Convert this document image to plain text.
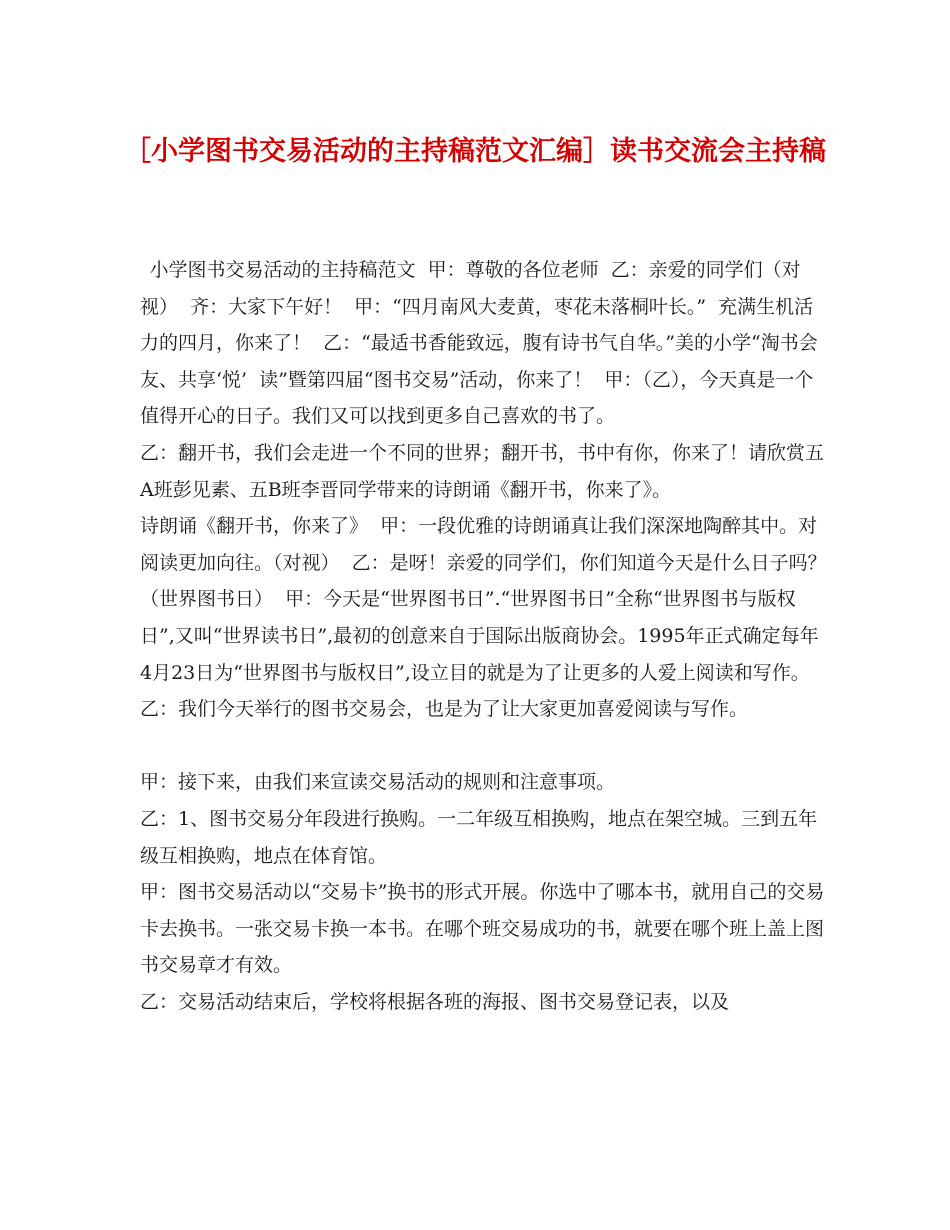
［小学图书交易活动的主持稿范文汇编］读书交流会主持稿

小学图书交易活动的主持稿范文  甲：尊敬的各位老师  乙：亲爱的同学们（对视）  齐：大家下午好！  甲：“四月南风大麦黄，枣花未落桐叶长。”  充满生机活力的四月，你来了！  乙：“最适书香能致远，腹有诗书气自华。”美的小学“淘书会友、共享‘悦’  读”暨第四届“图书交易”活动，你来了！  甲：（乙），今天真是一个值得开心的日子。我们又可以找到更多自己喜欢的书了。

乙：翻开书，我们会走进一个不同的世界；翻开书，书中有你，你来了！请欣赏五A班彭见素、五B班李晋同学带来的诗朗诵《翻开书，你来了》。

诗朗诵《翻开书，你来了》  甲：一段优雅的诗朗诵真让我们深深地陶醉其中。对阅读更加向往。（对视）  乙：是呀！亲爱的同学们，你们知道今天是什么日子吗？（世界图书日）  甲：今天是“世界图书日”.“世界图书日”全称“世界图书与版权日”,又叫“世界读书日”,最初的创意来自于国际出版商协会。1995年正式确定每年4月23日为“世界图书与版权日”,设立目的就是为了让更多的人爱上阅读和写作。

乙：我们今天举行的图书交易会，也是为了让大家更加喜爱阅读与写作。

甲：接下来，由我们来宣读交易活动的规则和注意事项。

乙：1、图书交易分年段进行换购。一二年级互相换购，地点在架空城。三到五年级互相换购，地点在体育馆。

甲：图书交易活动以“交易卡”换书的形式开展。你选中了哪本书，就用自己的交易卡去换书。一张交易卡换一本书。在哪个班交易成功的书，就要在哪个班上盖上图书交易章才有效。

乙：交易活动结束后，学校将根据各班的海报、图书交易登记表，以及
